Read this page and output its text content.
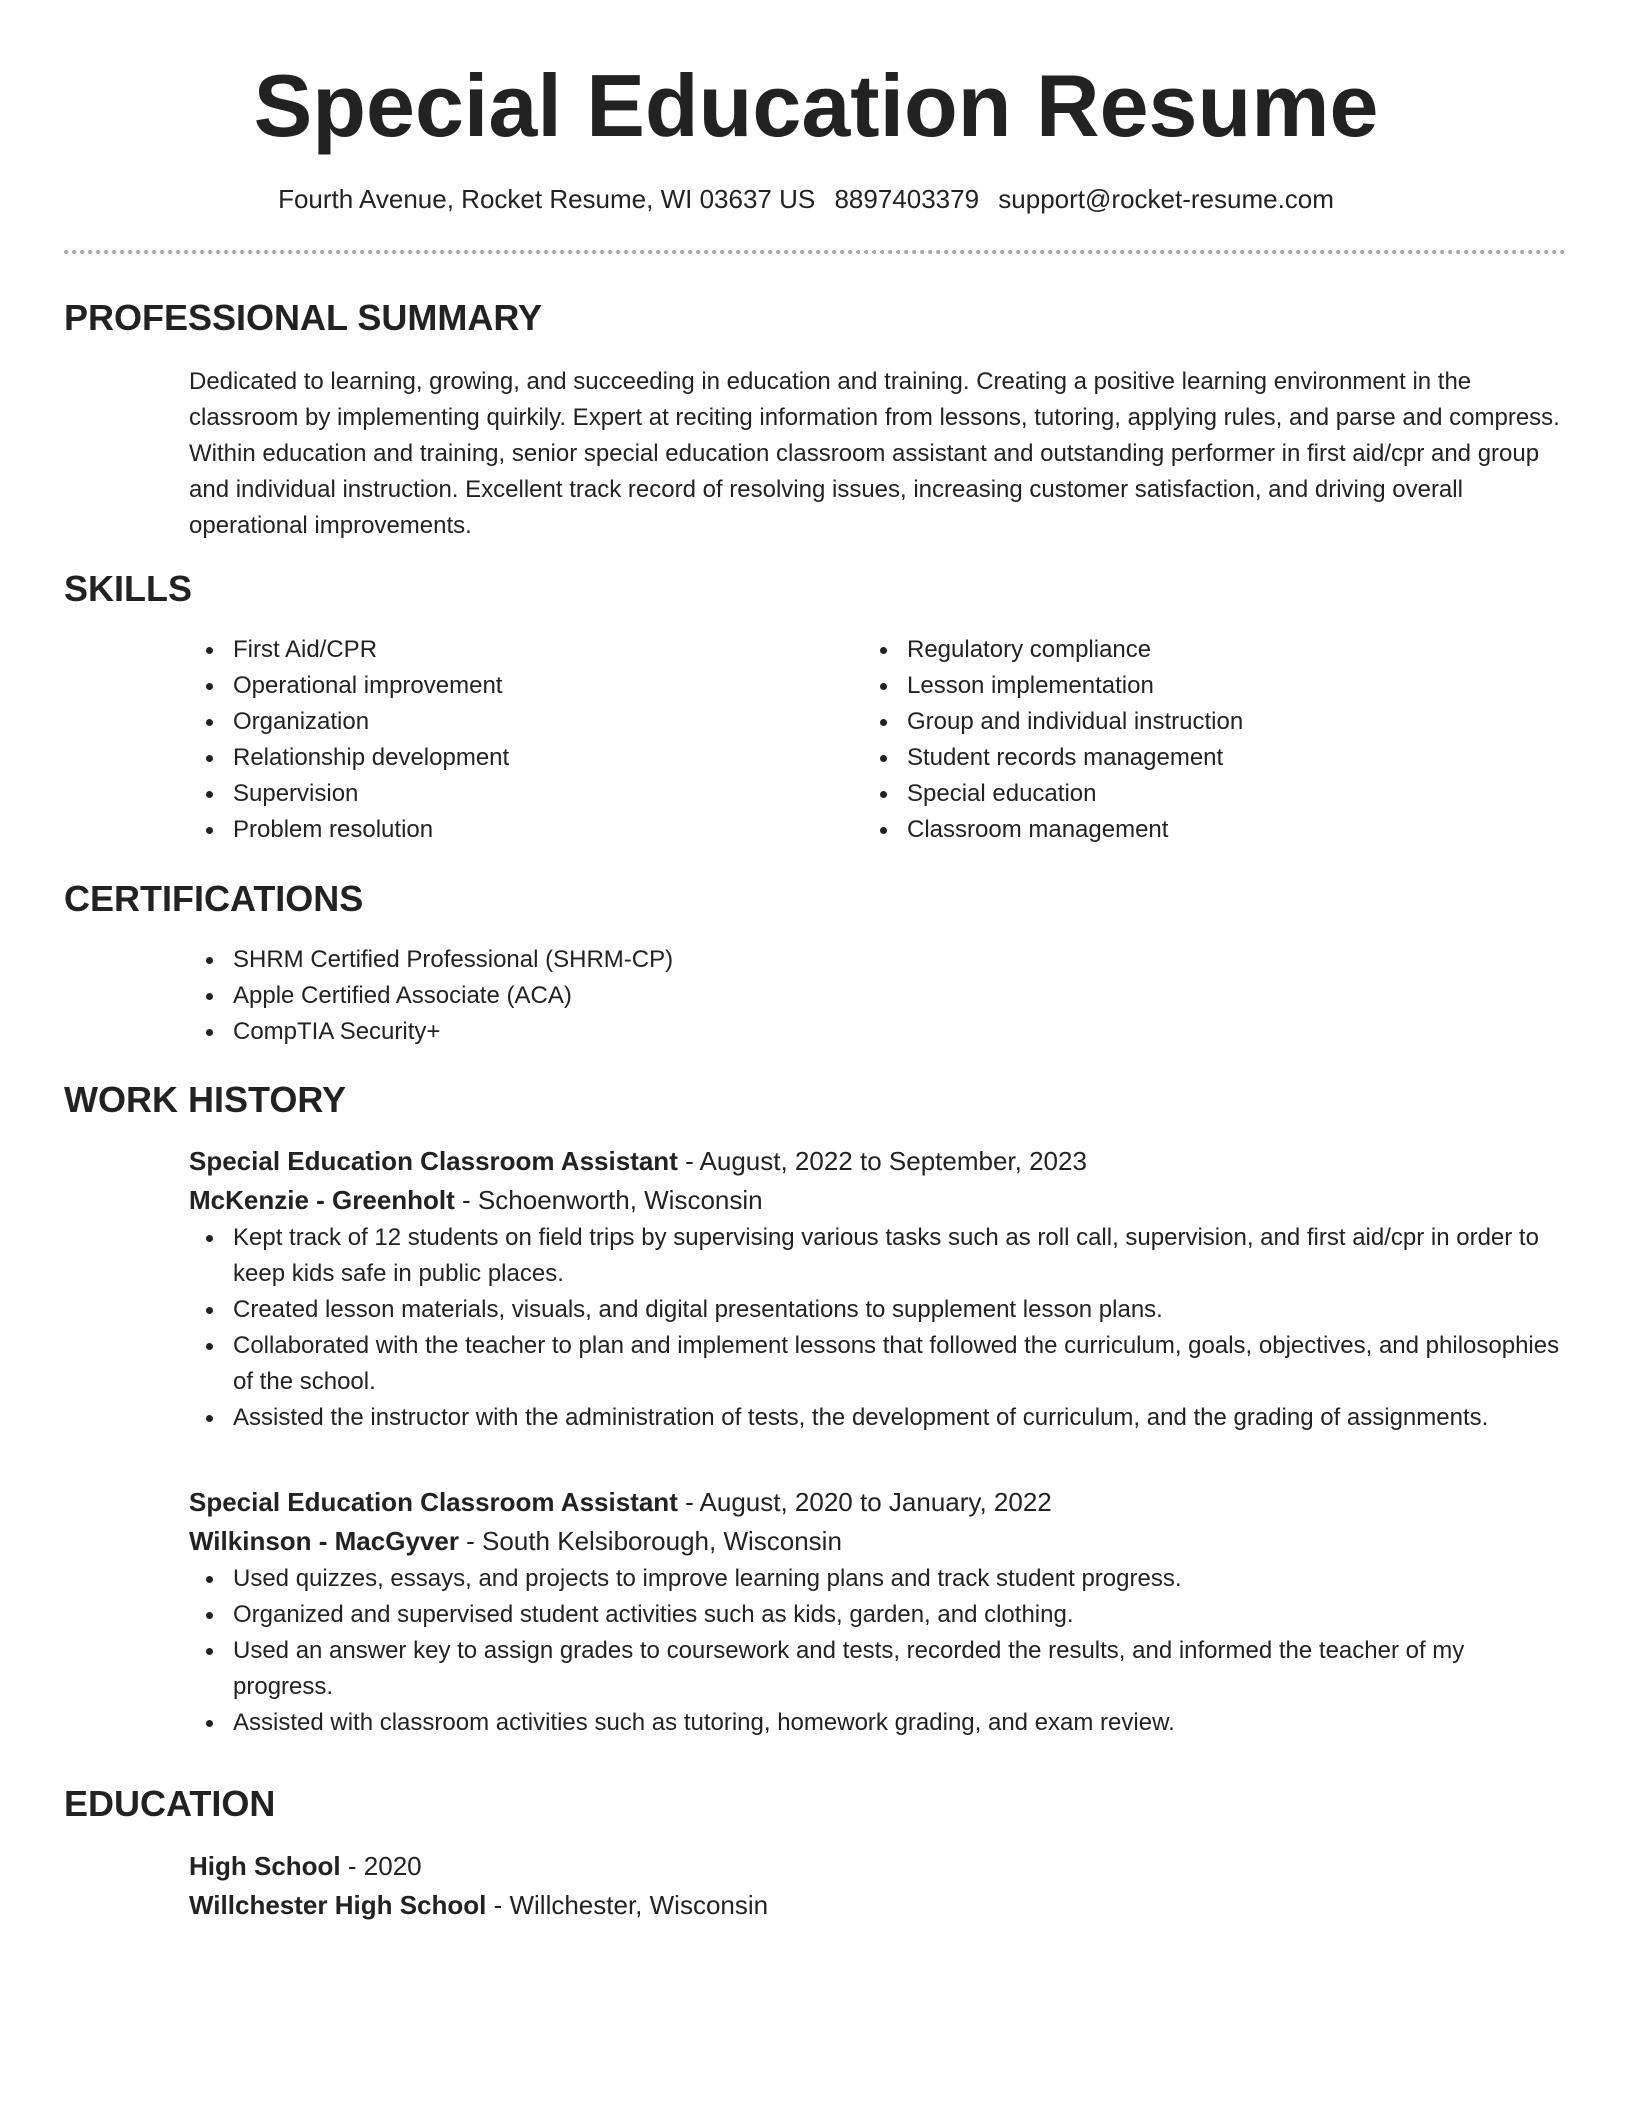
Special Education Resume
Fourth Avenue, Rocket Resume, WI 03637 US 8897403379 support@rocket-resume.com
PROFESSIONAL SUMMARY
Dedicated to learning, growing, and succeeding in education and training. Creating a positive learning environment in the classroom by implementing quirkily. Expert at reciting information from lessons, tutoring, applying rules, and parse and compress. Within education and training, senior special education classroom assistant and outstanding performer in first aid/cpr and group and individual instruction. Excellent track record of resolving issues, increasing customer satisfaction, and driving overall operational improvements.
SKILLS
First Aid/CPR
Operational improvement
Organization
Relationship development
Supervision
Problem resolution
Regulatory compliance
Lesson implementation
Group and individual instruction
Student records management
Special education
Classroom management
CERTIFICATIONS
SHRM Certified Professional (SHRM-CP)
Apple Certified Associate (ACA)
CompTIA Security+
WORK HISTORY
Special Education Classroom Assistant - August, 2022 to September, 2023
McKenzie - Greenholt - Schoenworth, Wisconsin
Kept track of 12 students on field trips by supervising various tasks such as roll call, supervision, and first aid/cpr in order to keep kids safe in public places.
Created lesson materials, visuals, and digital presentations to supplement lesson plans.
Collaborated with the teacher to plan and implement lessons that followed the curriculum, goals, objectives, and philosophies of the school.
Assisted the instructor with the administration of tests, the development of curriculum, and the grading of assignments.
Special Education Classroom Assistant - August, 2020 to January, 2022
Wilkinson - MacGyver - South Kelsiborough, Wisconsin
Used quizzes, essays, and projects to improve learning plans and track student progress.
Organized and supervised student activities such as kids, garden, and clothing.
Used an answer key to assign grades to coursework and tests, recorded the results, and informed the teacher of my progress.
Assisted with classroom activities such as tutoring, homework grading, and exam review.
EDUCATION
High School - 2020
Willchester High School - Willchester, Wisconsin
